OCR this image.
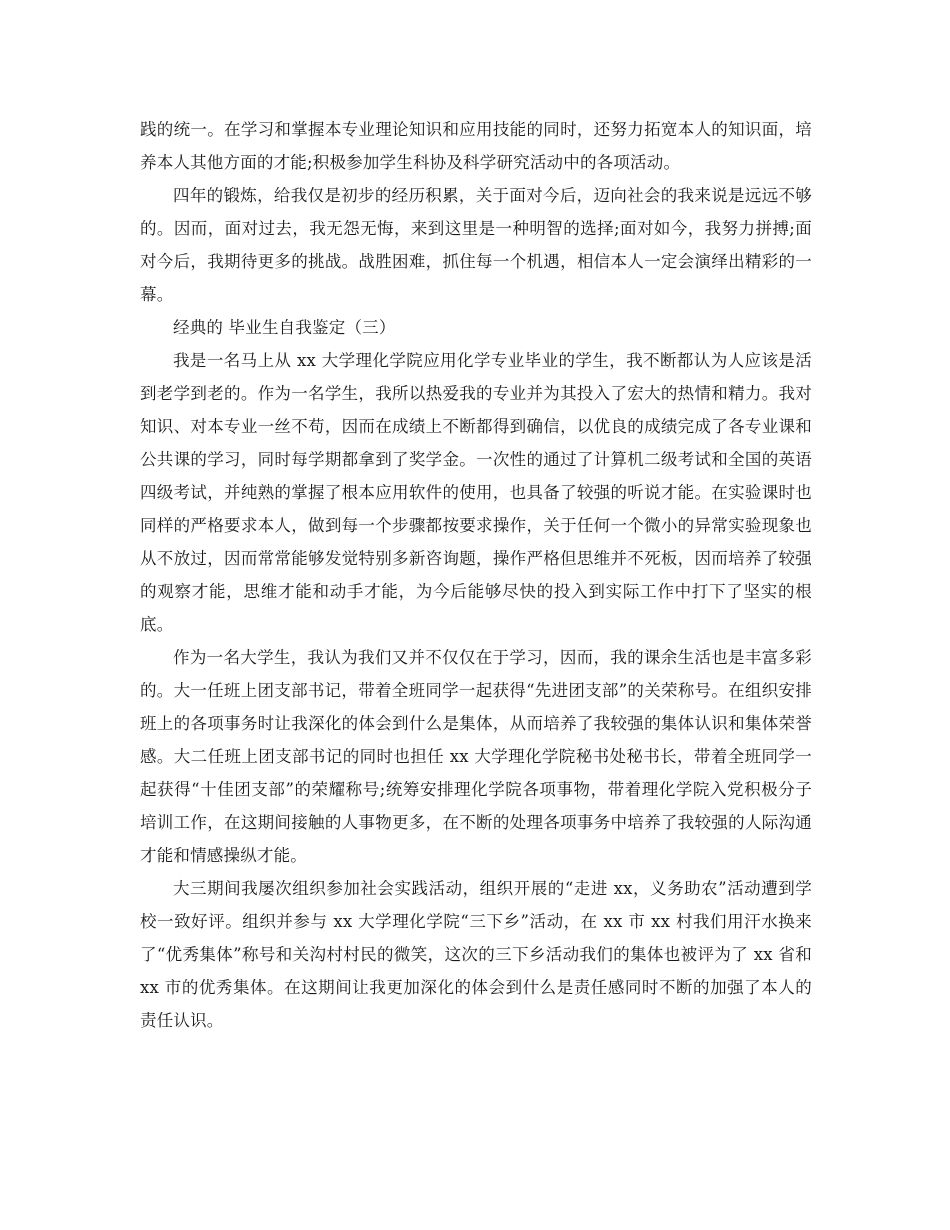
践的统一。在学习和掌握本专业理论知识和应用技能的同时，还努力拓宽本人的知识面，培养本人其他方面的才能;积极参加学生科协及科学研究活动中的各项活动。

四年的锻炼，给我仅是初步的经历积累，关于面对今后，迈向社会的我来说是远远不够的。因而，面对过去，我无怨无悔，来到这里是一种明智的选择;面对如今，我努力拼搏;面对今后，我期待更多的挑战。战胜困难，抓住每一个机遇，相信本人一定会演绎出精彩的一幕。

经典的 毕业生自我鉴定（三）

我是一名马上从 xx 大学理化学院应用化学专业毕业的学生，我不断都认为人应该是活到老学到老的。作为一名学生，我所以热爱我的专业并为其投入了宏大的热情和精力。我对知识、对本专业一丝不苟，因而在成绩上不断都得到确信，以优良的成绩完成了各专业课和公共课的学习，同时每学期都拿到了奖学金。一次性的通过了计算机二级考试和全国的英语四级考试，并纯熟的掌握了根本应用软件的使用，也具备了较强的听说才能。在实验课时也同样的严格要求本人，做到每一个步骤都按要求操作，关于任何一个微小的异常实验现象也从不放过，因而常常能够发觉特别多新咨询题，操作严格但思维并不死板，因而培养了较强的观察才能，思维才能和动手才能，为今后能够尽快的投入到实际工作中打下了坚实的根底。

作为一名大学生，我认为我们又并不仅仅在于学习，因而，我的课余生活也是丰富多彩的。大一任班上团支部书记，带着全班同学一起获得“先进团支部”的关荣称号。在组织安排班上的各项事务时让我深化的体会到什么是集体，从而培养了我较强的集体认识和集体荣誉感。大二任班上团支部书记的同时也担任 xx 大学理化学院秘书处秘书长，带着全班同学一起获得“十佳团支部”的荣耀称号;统筹安排理化学院各项事物，带着理化学院入党积极分子培训工作，在这期间接触的人事物更多，在不断的处理各项事务中培养了我较强的人际沟通才能和情感操纵才能。

大三期间我屡次组织参加社会实践活动，组织开展的“走进 xx，义务助农”活动遭到学校一致好评。组织并参与 xx 大学理化学院“三下乡”活动，在 xx 市 xx 村我们用汗水换来了“优秀集体”称号和关沟村村民的微笑，这次的三下乡活动我们的集体也被评为了 xx 省和 xx 市的优秀集体。在这期间让我更加深化的体会到什么是责任感同时不断的加强了本人的责任认识。
